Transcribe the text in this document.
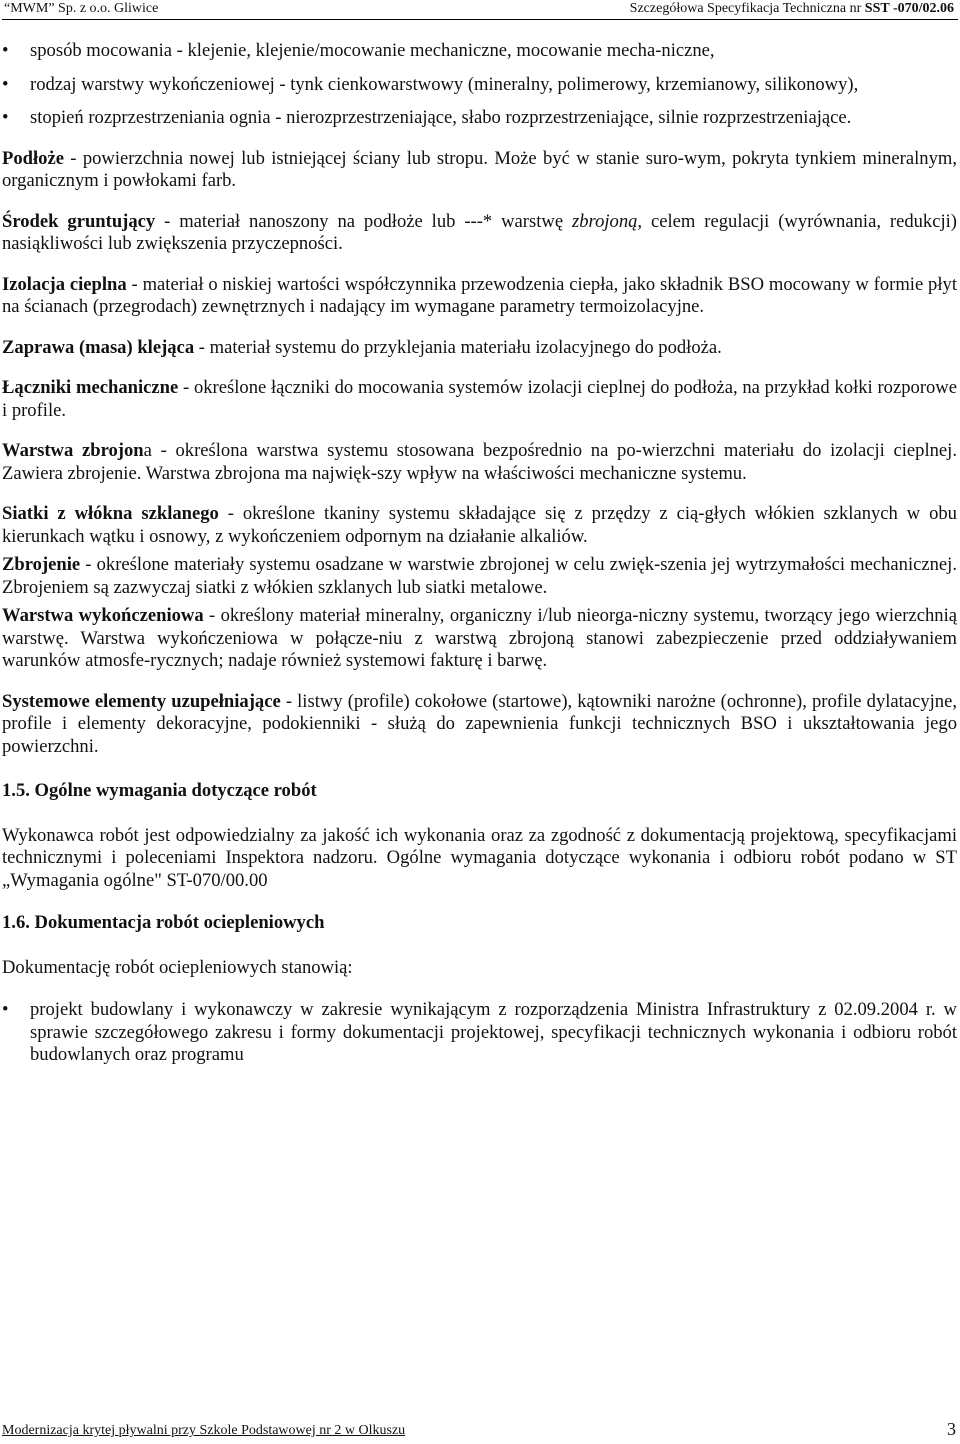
“MWM” Sp. z o.o. Gliwice	Szczegółowa Specyfikacja Techniczna nr SST -070/02.06
• sposób mocowania - klejenie, klejenie/mocowanie mechaniczne, mocowanie mecha-niczne,
• rodzaj warstwy wykończeniowej - tynk cienkowarstwowy (mineralny, polimerowy, krzemianowy, silikonowy),
• stopień rozprzestrzeniania ognia - nierozprzestrzeniające, słabo rozprzestrzeniające, silnie rozprzestrzeniające.

Podłoże - powierzchnia nowej lub istniejącej ściany lub stropu. Może być w stanie suro-wym, pokryta tynkiem mineralnym, organicznym i powłokami farb.

Środek gruntujący - materiał nanoszony na podłoże lub ---* warstwę zbrojoną, celem regulacji (wyrównania, redukcji) nasiąkliwości lub zwiększenia przyczepności.

Izolacja cieplna - materiał o niskiej wartości współczynnika przewodzenia ciepła, jako składnik BSO mocowany w formie płyt na ścianach (przegrodach) zewnętrznych i nadający im wymagane parametry termoizolacyjne.

Zaprawa (masa) klejąca - materiał systemu do przyklejania materiału izolacyjnego do podłoża.

Łączniki mechaniczne - określone łączniki do mocowania systemów izolacji cieplnej do podłoża, na przykład kołki rozporowe i profile.

Warstwa zbrojona - określona warstwa systemu stosowana bezpośrednio na po-wierzchni materiału do izolacji cieplnej. Zawiera zbrojenie. Warstwa zbrojona ma najwięk-szy wpływ na właściwości mechaniczne systemu.

Siatki z włókna szklanego - określone tkaniny systemu składające się z przędzy z cią-głych włókien szklanych w obu kierunkach wątku i osnowy, z wykończeniem odpornym na działanie alkaliów.

Zbrojenie - określone materiały systemu osadzane w warstwie zbrojonej w celu zwięk-szenia jej wytrzymałości mechanicznej. Zbrojeniem są zazwyczaj siatki z włókien szklanych lub siatki metalowe.

Warstwa wykończeniowa - określony materiał mineralny, organiczny i/lub nieorga-niczny systemu, tworzący jego wierzchnią warstwę. Warstwa wykończeniowa w połącze-niu z warstwą zbrojoną stanowi zabezpieczenie przed oddziaływaniem warunków atmosfe-rycznych; nadaje również systemowi fakturę i barwę.

Systemowe elementy uzupełniające - listwy (profile) cokołowe (startowe), kątowniki narożne (ochronne), profile dylatacyjne, profile i elementy dekoracyjne, podokienniki - służą do zapewnienia funkcji technicznych BSO i ukształtowania jego powierzchni.

1.5. Ogólne wymagania dotyczące robót

Wykonawca robót jest odpowiedzialny za jakość ich wykonania oraz za zgodność z dokumentacją projektową, specyfikacjami technicznymi i poleceniami Inspektora nadzoru. Ogólne wymagania dotyczące wykonania i odbioru robót podano w ST „Wymagania ogólne" ST-070/00.00

1.6. Dokumentacja robót ociepleniowych

Dokumentację robót ociepleniowych stanowią:

• projekt budowlany i wykonawczy w zakresie wynikającym z rozporządzenia Ministra Infrastruktury z 02.09.2004 r. w sprawie szczegółowego zakresu i formy dokumentacji projektowej, specyfikacji technicznych wykonania i odbioru robót budowlanych oraz programu
Modernizacja krytej pływalni przy Szkole Podstawowej nr 2 w Olkuszu	3
